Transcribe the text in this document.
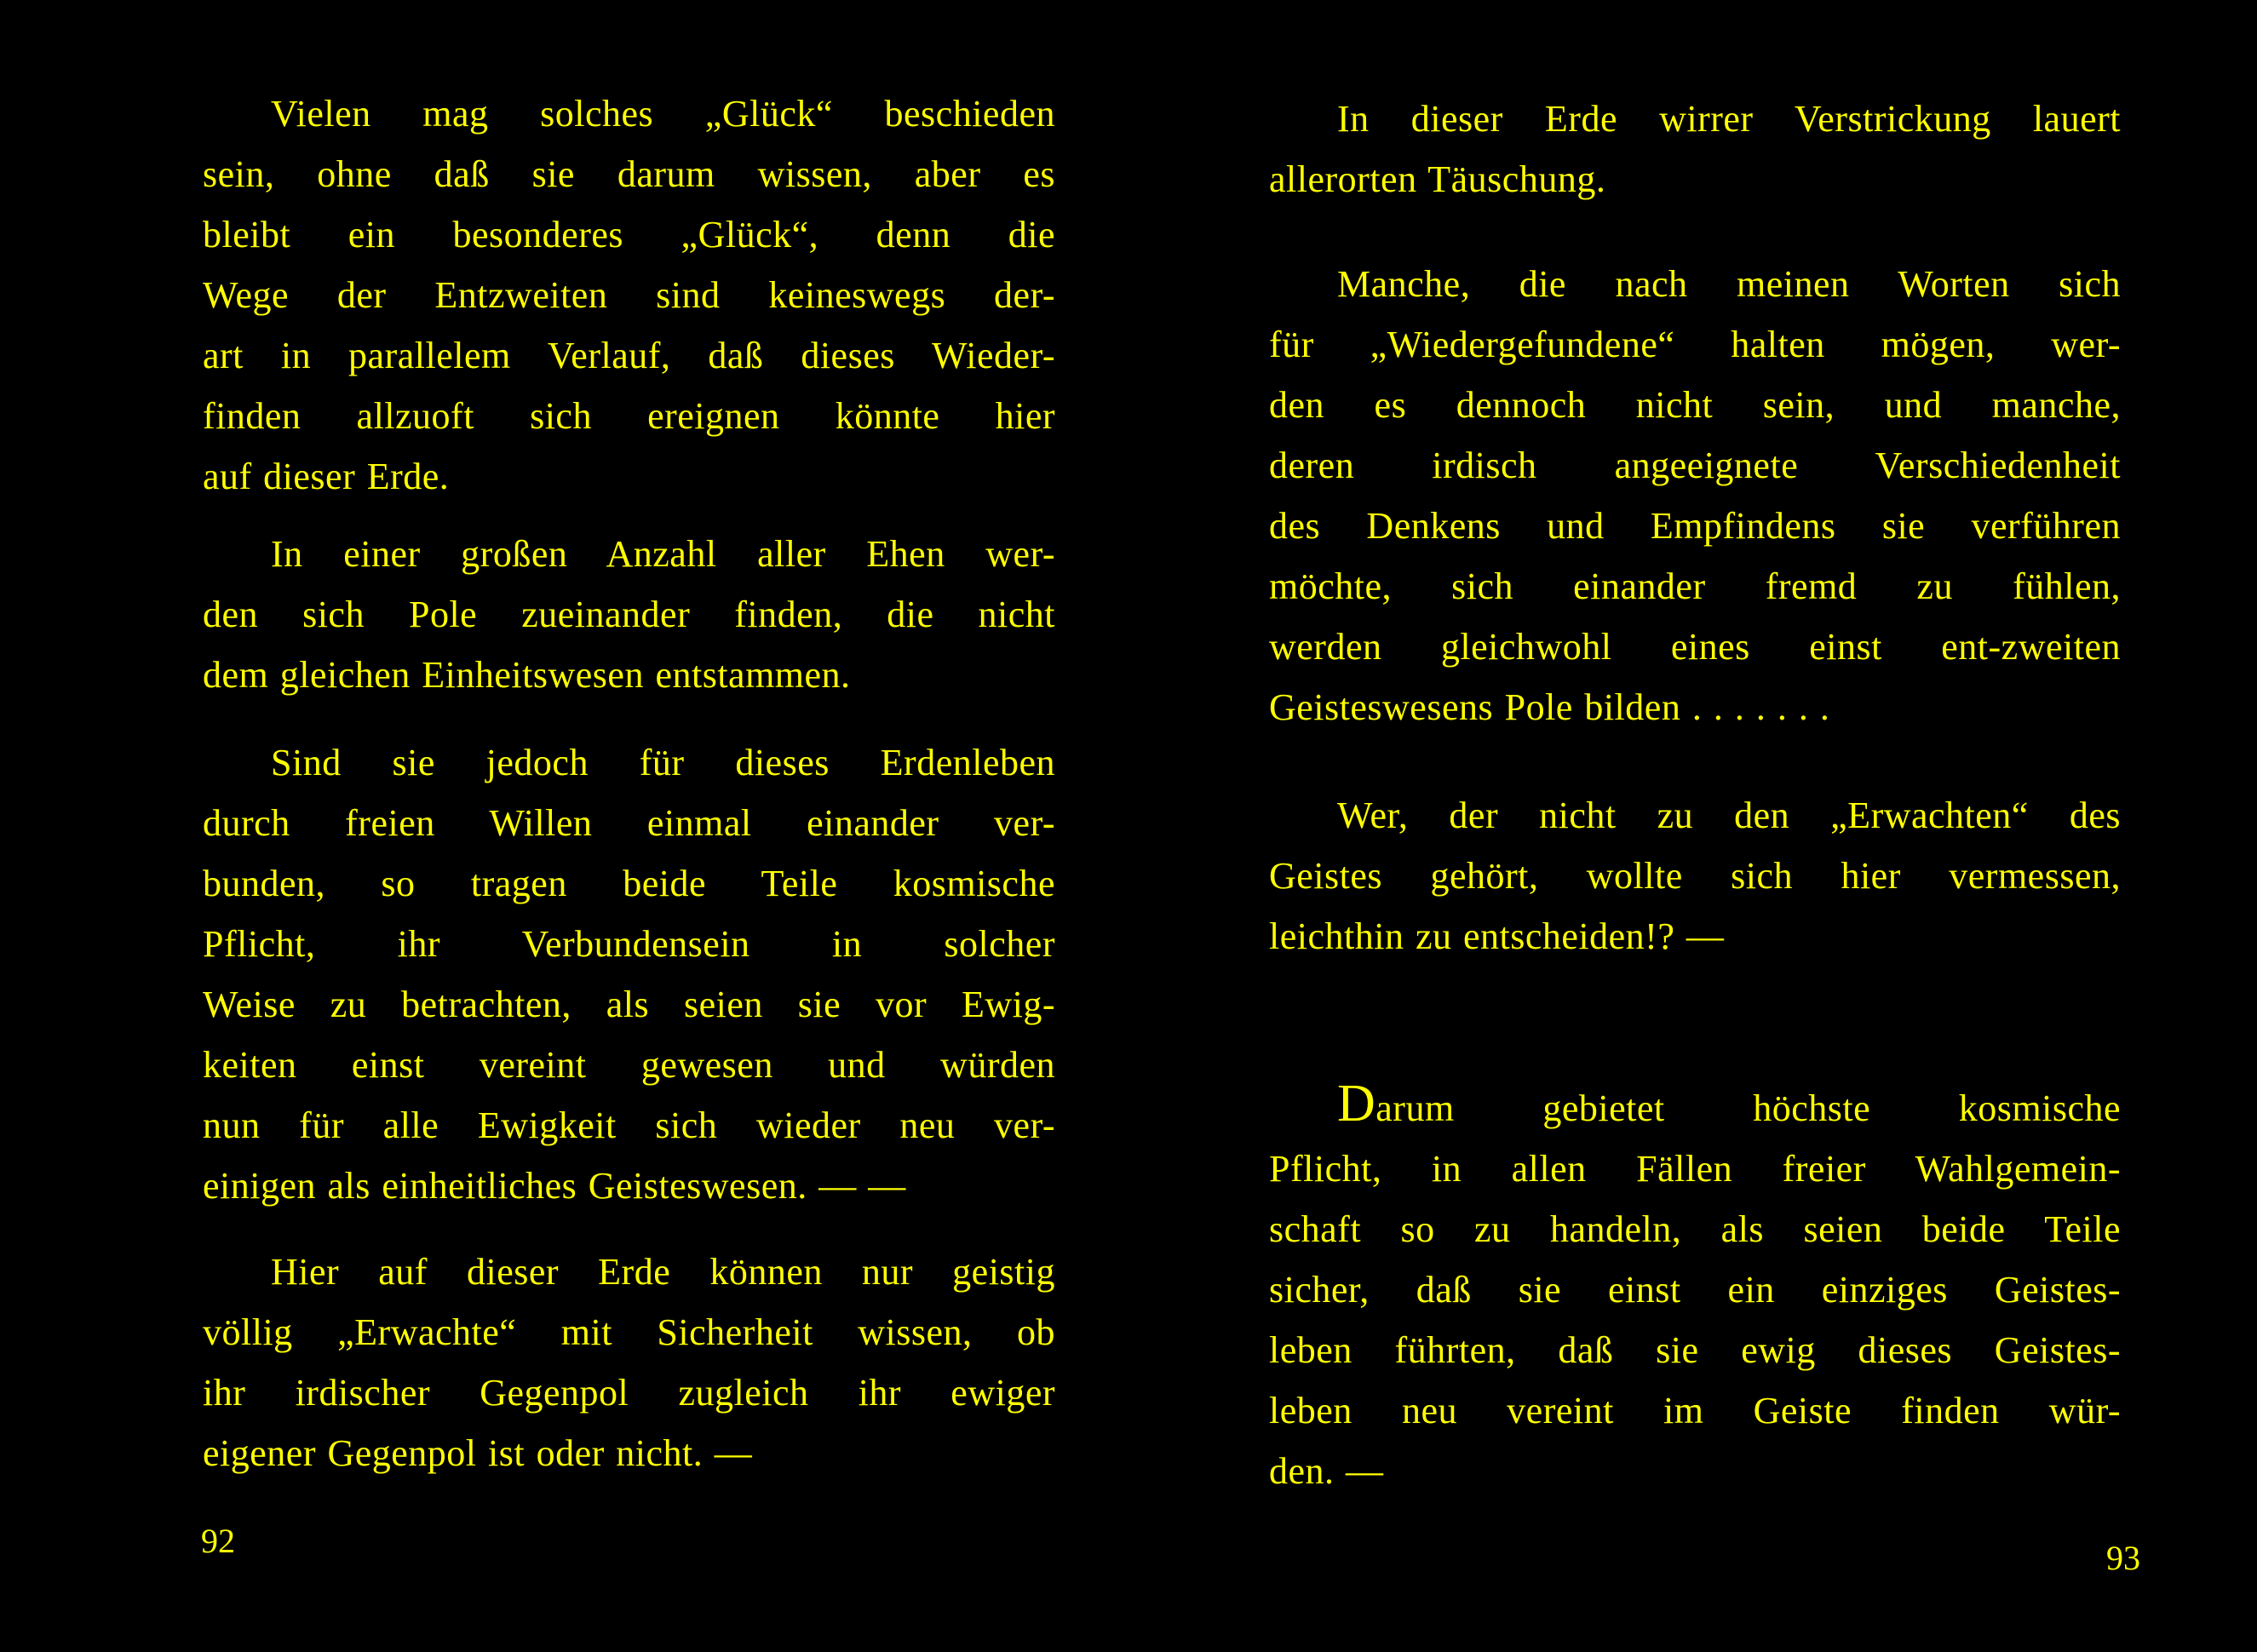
Vielen mag solches „Glück“ beschieden
sein, ohne daß sie darum wissen, aber es
bleibt ein besonderes „Glück“, denn die
Wege der Entzweiten sind keineswegs der-
art in parallelem Verlauf, daß dieses Wieder-
finden allzuoft sich ereignen könnte hier
auf dieser Erde.

In einer großen Anzahl aller Ehen wer-
den sich Pole zueinander finden, die nicht
dem gleichen Einheitswesen entstammen.

Sind sie jedoch für dieses Erdenleben
durch freien Willen einmal einander ver-
bunden, so tragen beide Teile kosmische
Pflicht, ihr Verbundensein in solcher
Weise zu betrachten, als seien sie vor Ewig-
keiten einst vereint gewesen und würden
nun für alle Ewigkeit sich wieder neu ver-
einigen als einheitliches Geisteswesen. — —

Hier auf dieser Erde können nur geistig
völlig „Erwachte“ mit Sicherheit wissen, ob
ihr irdischer Gegenpol zugleich ihr ewiger
eigener Gegenpol ist oder nicht. —

92

In dieser Erde wirrer Verstrickung lauert
allerorten Täuschung.

Manche, die nach meinen Worten sich
für „Wiedergefundene“ halten mögen, wer-
den es dennoch nicht sein, und manche,
deren irdisch angeeignete Verschiedenheit
des Denkens und Empfindens sie verführen
möchte, sich einander fremd zu fühlen,
werden gleichwohl eines einst ent-zweiten
Geisteswesens Pole bilden . . . . . . .

Wer, der nicht zu den „Erwachten“ des
Geistes gehört, wollte sich hier vermessen,
leichthin zu entscheiden!? —

Darum gebietet höchste kosmische
Pflicht, in allen Fällen freier Wahlgemein-
schaft so zu handeln, als seien beide Teile
sicher, daß sie einst ein einziges Geistes-
leben führten, daß sie ewig dieses Geistes-
leben neu vereint im Geiste finden wür-
den. —

93
